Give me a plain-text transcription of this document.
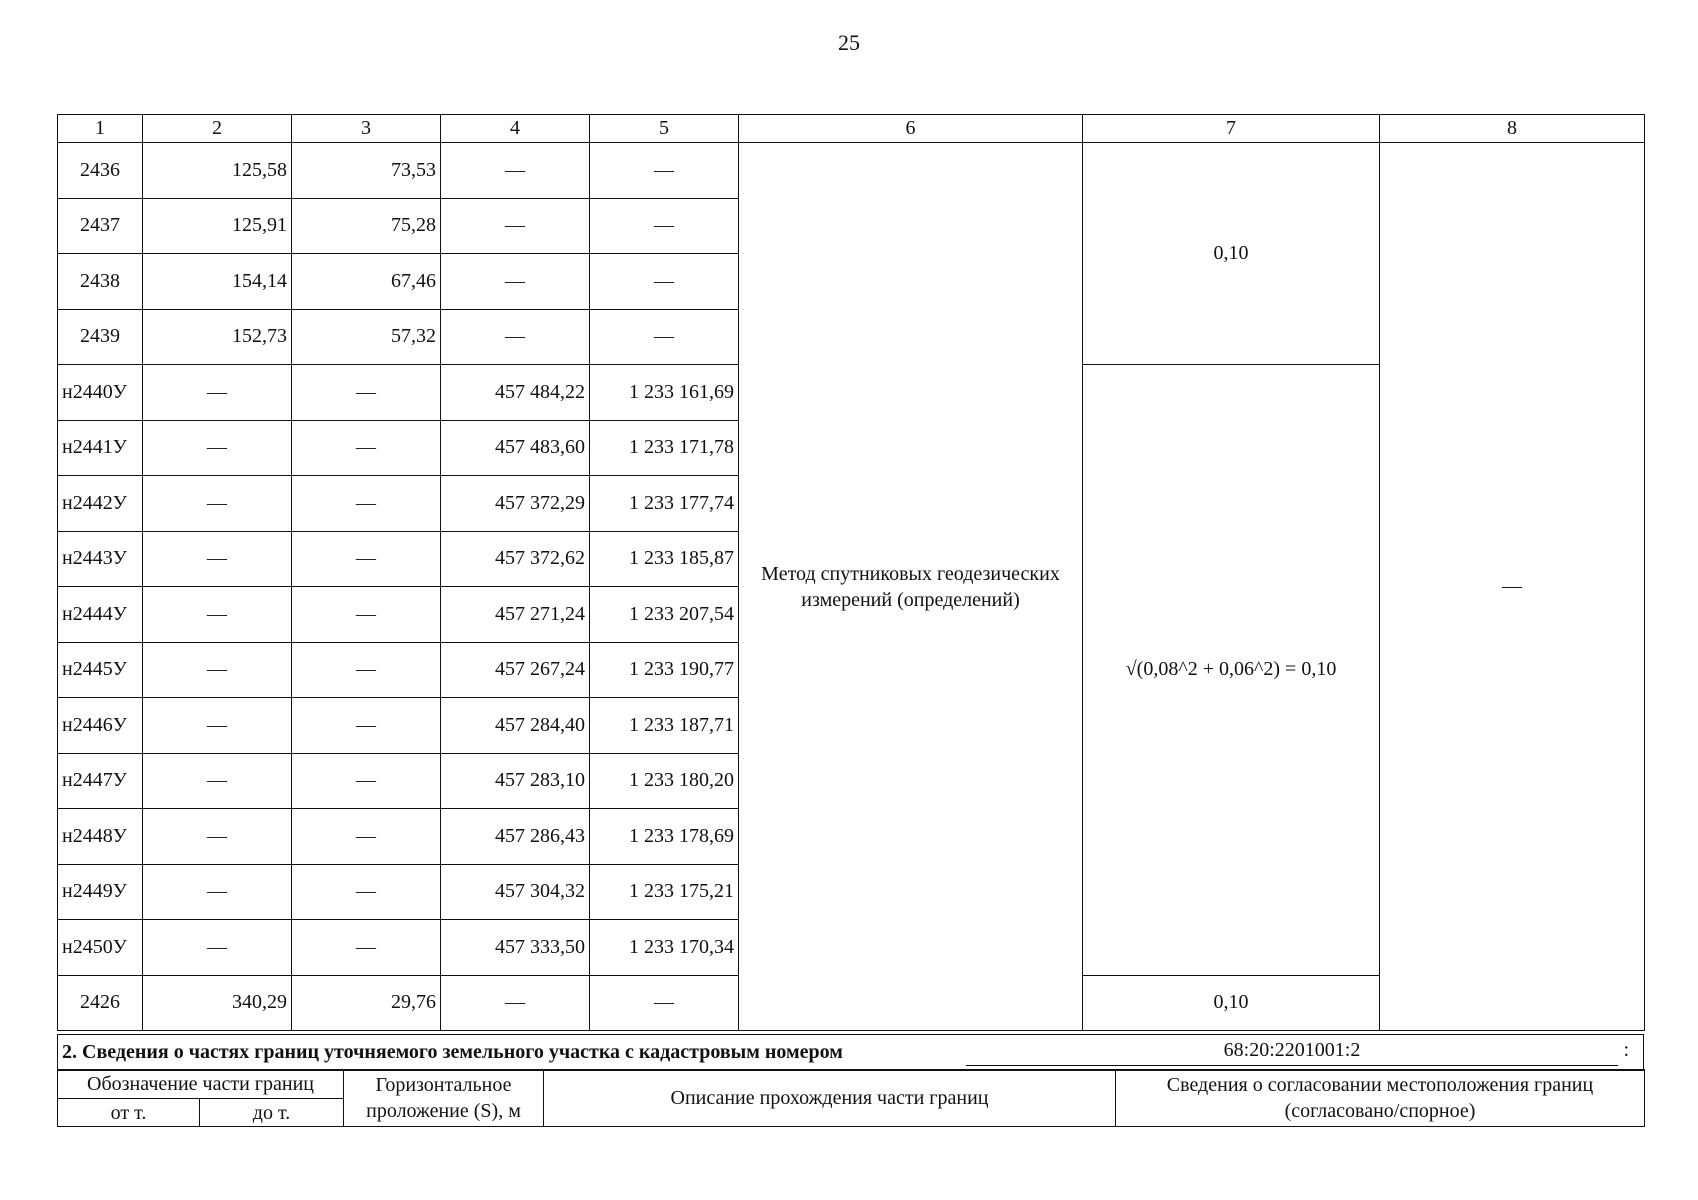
25
1	2	3	4	5	6	7	8
2436	125,58	73,53	—	—	Метод спутниковых геодезических измерений (определений)	0,10	—
2437	125,91	75,28	—	—			
2438	154,14	67,46	—	—			
2439	152,73	57,32	—	—			
н2440У	—	—	457 484,22	1 233 161,69		√(0,08^2 + 0,06^2) = 0,10	
н2441У	—	—	457 483,60	1 233 171,78			
н2442У	—	—	457 372,29	1 233 177,74			
н2443У	—	—	457 372,62	1 233 185,87			
н2444У	—	—	457 271,24	1 233 207,54			
н2445У	—	—	457 267,24	1 233 190,77			
н2446У	—	—	457 284,40	1 233 187,71			
н2447У	—	—	457 283,10	1 233 180,20			
н2448У	—	—	457 286,43	1 233 178,69			
н2449У	—	—	457 304,32	1 233 175,21			
н2450У	—	—	457 333,50	1 233 170,34			
2426	340,29	29,76	—	—		0,10	
2. Сведения о частях границ уточняемого земельного участка с кадастровым номером	68:20:2201001:2	:
Обозначение части границ		Горизонтальное проложение (S), м	Описание прохождения части границ	Сведения о согласовании местоположения границ (согласовано/спорное)
от т.	до т.			
